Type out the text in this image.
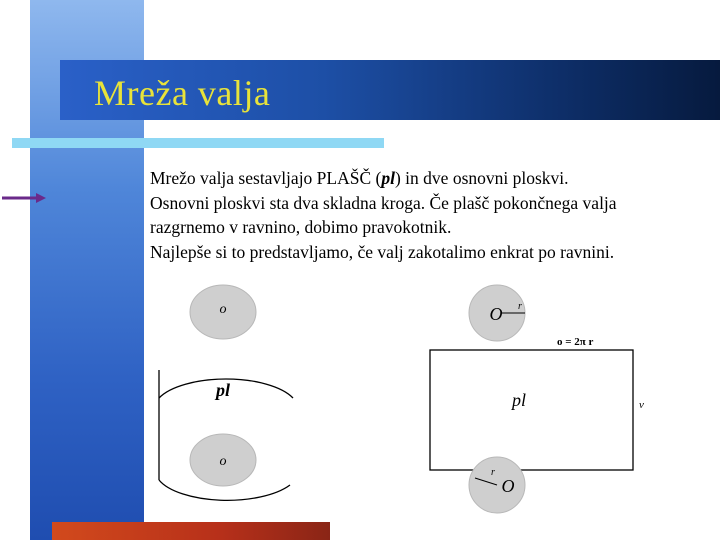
Mreža valja

Mrežo valja sestavljajo PLAŠČ (pl) in dve osnovni ploskvi.

Osnovni ploskvi sta dva skladna kroga. Če plašč pokončnega valja

razgrnemo v ravnino, dobimo pravokotnik.

Najlepše si to predstavljamo, če valj zakotalimo enkrat po ravnini.

o
pl
o
O r
o = 2π r
pl	v
r
O
